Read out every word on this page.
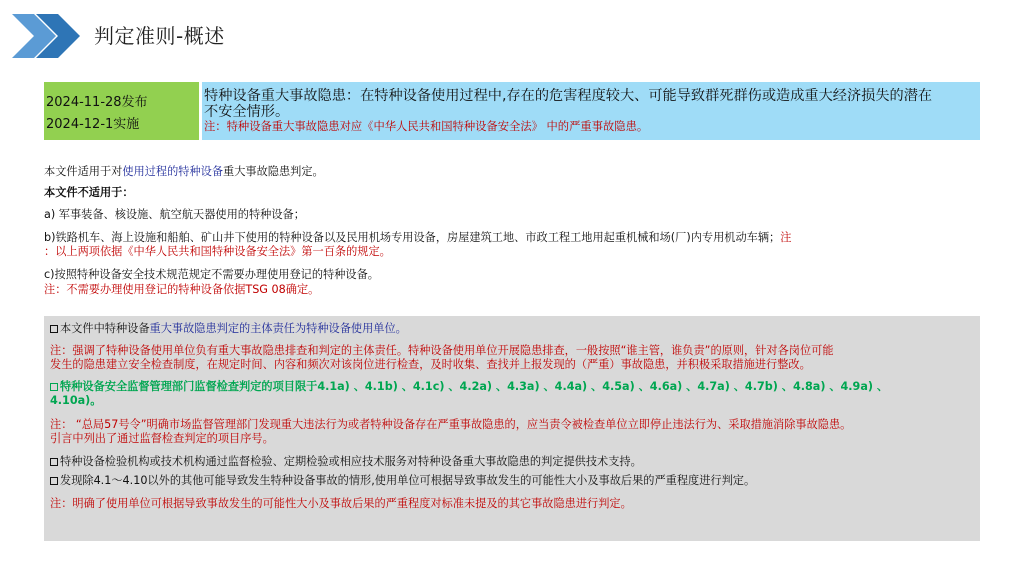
判定准则-概述
2024-11-28发布
2024-12-1实施
特种设备重大事故隐患：在特种设备使用过程中,存在的危害程度较大、可能导致群死群伤或造成重大经济损失的潜在
不安全情形。
注：特种设备重大事故隐患对应《中华人民共和国特种设备安全法》 中的严重事故隐患。
本文件适用于对使用过程的特种设备重大事故隐患判定。
本文件不适用于：
a) 军事装备、核设施、航空航天器使用的特种设备；
b)铁路机车、海上设施和船舶、矿山井下使用的特种设备以及民用机场专用设备，房屋建筑工地、市政工程工地用起重机械和场(厂)内专用机动车辆；注
：以上两项依据《中华人民共和国特种设备安全法》第一百条的规定。
c)按照特种设备安全技术规范规定不需要办理使用登记的特种设备。
注：不需要办理使用登记的特种设备依据TSG 08确定。
本文件中特种设备重大事故隐患判定的主体责任为特种设备使用单位。
注：强调了特种设备使用单位负有重大事故隐患排查和判定的主体责任。特种设备使用单位开展隐患排查，一般按照“谁主管，谁负责”的原则，针对各岗位可能
发生的隐患建立安全检查制度，在规定时间、内容和频次对该岗位进行检查，及时收集、查找并上报发现的（严重）事故隐患，并积极采取措施进行整改。
特种设备安全监督管理部门监督检查判定的项目限于4.1a) 、4.1b) 、4.1c) 、4.2a) 、4.3a) 、4.4a) 、4.5a) 、4.6a) 、4.7a) 、4.7b) 、4.8a) 、4.9a) 、
4.10a)。
注： “总局57号令”明确市场监督管理部门发现重大违法行为或者特种设备存在严重事故隐患的，应当责令被检查单位立即停止违法行为、采取措施消除事故隐患。
引言中列出了通过监督检查判定的项目序号。
特种设备检验机构或技术机构通过监督检验、定期检验或相应技术服务对特种设备重大事故隐患的判定提供技术支持。
发现除4.1～4.10以外的其他可能导致发生特种设备事故的情形,使用单位可根据导致事故发生的可能性大小及事故后果的严重程度进行判定。
注：明确了使用单位可根据导致事故发生的可能性大小及事故后果的严重程度对标准未提及的其它事故隐患进行判定。
